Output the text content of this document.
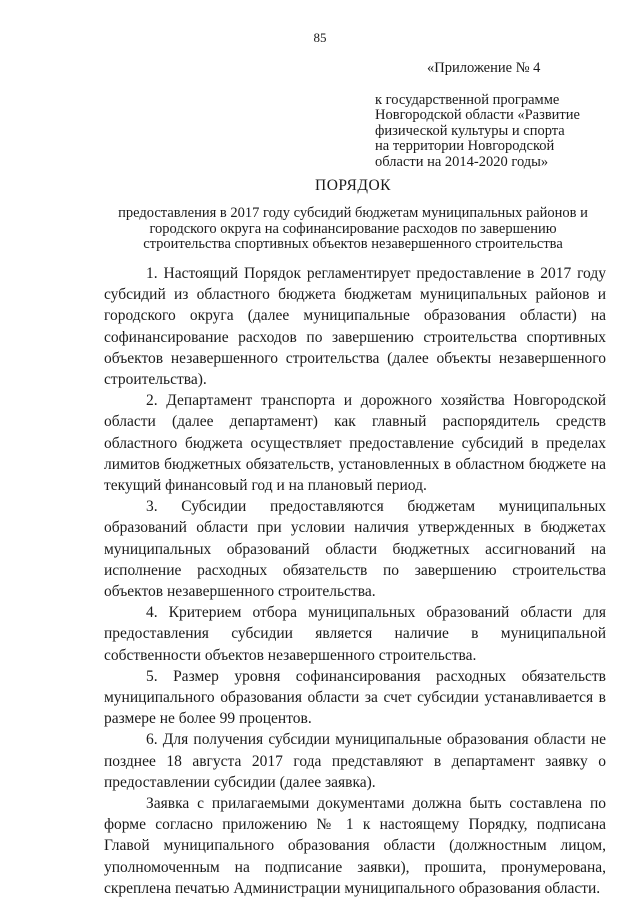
85
«Приложение № 4
к государственной программе
Новгородской области «Развитие
физической культуры и спорта
на территории Новгородской
области на 2014-2020 годы»
ПОРЯДОК
предоставления в 2017 году субсидий бюджетам муниципальных районов и
городского округа на софинансирование расходов по завершению
строительства спортивных объектов незавершенного строительства

1. Настоящий Порядок регламентирует предоставление в 2017 году субсидий из областного бюджета бюджетам муниципальных районов и городского округа (далее муниципальные образования области) на софинансирование расходов по завершению строительства спортивных объектов незавершенного строительства (далее объекты незавершенного строительства).

2. Департамент транспорта и дорожного хозяйства Новгородской области (далее департамент) как главный распорядитель средств областного бюджета осуществляет предоставление субсидий в пределах лимитов бюджетных обязательств, установленных в областном бюджете на текущий финансовый год и на плановый период.

3. Субсидии предоставляются бюджетам муниципальных образований области при условии наличия утвержденных в бюджетах муниципальных образований области бюджетных ассигнований на исполнение расходных обязательств по завершению строительства объектов незавершенного строительства.

4. Критерием отбора муниципальных образований области для предоставления субсидии является наличие в муниципальной собственности объектов незавершенного строительства.

5. Размер уровня софинансирования расходных обязательств муниципального образования области за счет субсидии устанавливается в размере не более 99 процентов.

6. Для получения субсидии муниципальные образования области не позднее 18 августа 2017 года представляют в департамент заявку о предоставлении субсидии (далее заявка).

Заявка с прилагаемыми документами должна быть составлена по форме согласно приложению № 1 к настоящему Порядку, подписана Главой муниципального образования области (должностным лицом, уполномоченным на подписание заявки), прошита, пронумерована, скреплена печатью Администрации муниципального образования области.
